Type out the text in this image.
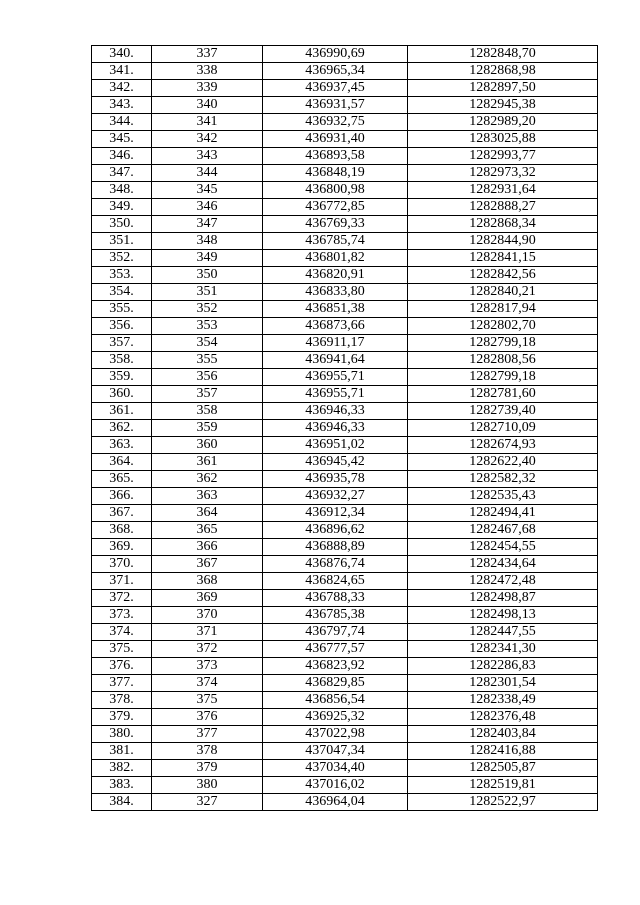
340.	337	436990,69	1282848,70
341.	338	436965,34	1282868,98
342.	339	436937,45	1282897,50
343.	340	436931,57	1282945,38
344.	341	436932,75	1282989,20
345.	342	436931,40	1283025,88
346.	343	436893,58	1282993,77
347.	344	436848,19	1282973,32
348.	345	436800,98	1282931,64
349.	346	436772,85	1282888,27
350.	347	436769,33	1282868,34
351.	348	436785,74	1282844,90
352.	349	436801,82	1282841,15
353.	350	436820,91	1282842,56
354.	351	436833,80	1282840,21
355.	352	436851,38	1282817,94
356.	353	436873,66	1282802,70
357.	354	436911,17	1282799,18
358.	355	436941,64	1282808,56
359.	356	436955,71	1282799,18
360.	357	436955,71	1282781,60
361.	358	436946,33	1282739,40
362.	359	436946,33	1282710,09
363.	360	436951,02	1282674,93
364.	361	436945,42	1282622,40
365.	362	436935,78	1282582,32
366.	363	436932,27	1282535,43
367.	364	436912,34	1282494,41
368.	365	436896,62	1282467,68
369.	366	436888,89	1282454,55
370.	367	436876,74	1282434,64
371.	368	436824,65	1282472,48
372.	369	436788,33	1282498,87
373.	370	436785,38	1282498,13
374.	371	436797,74	1282447,55
375.	372	436777,57	1282341,30
376.	373	436823,92	1282286,83
377.	374	436829,85	1282301,54
378.	375	436856,54	1282338,49
379.	376	436925,32	1282376,48
380.	377	437022,98	1282403,84
381.	378	437047,34	1282416,88
382.	379	437034,40	1282505,87
383.	380	437016,02	1282519,81
384.	327	436964,04	1282522,97
